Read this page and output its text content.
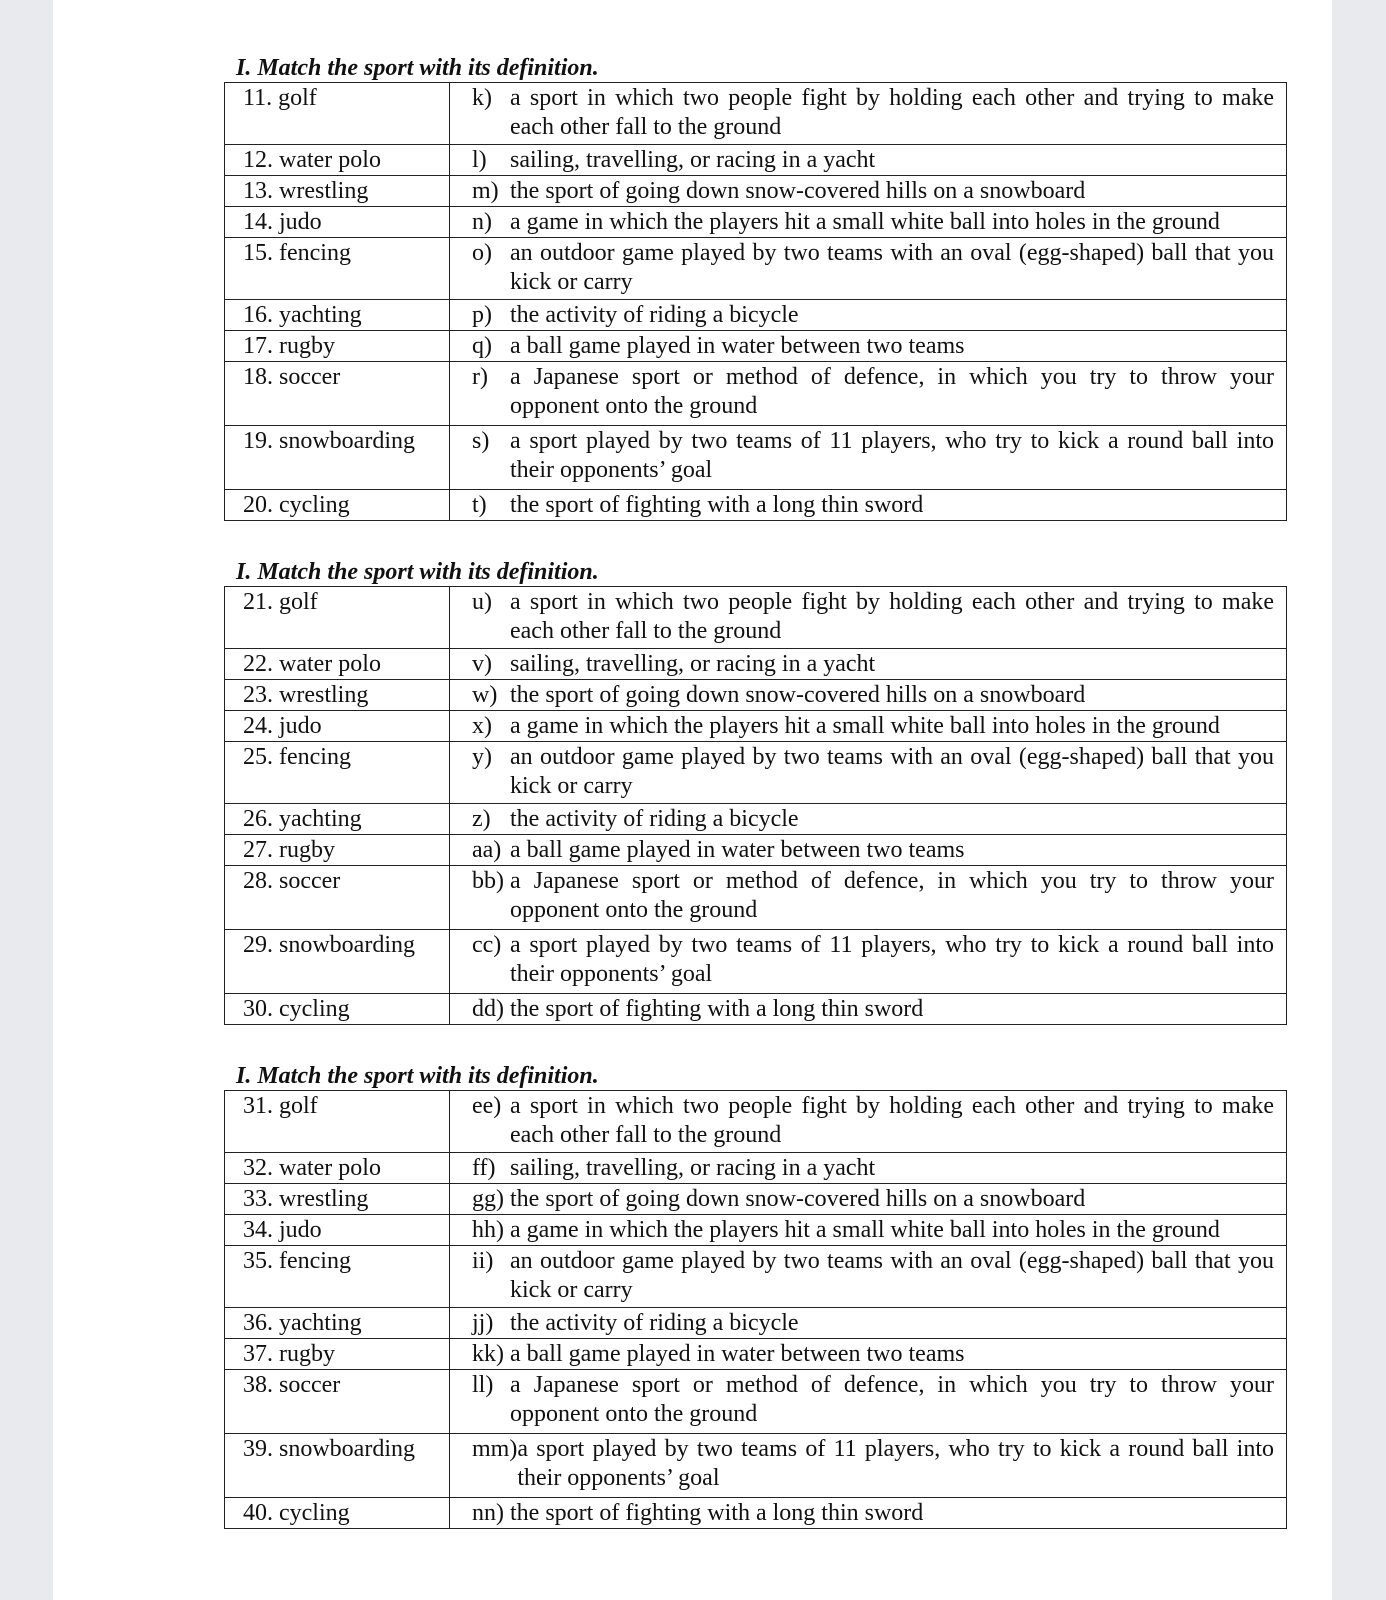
I. Match the sport with its definition.
11. golf	k) a sport in which two people fight by holding each other and trying to make each other fall to the ground

12. water polo	l) sailing, travelling, or racing in a yacht

13. wrestling	m) the sport of going down snow-covered hills on a snowboard

14. judo	n) a game in which the players hit a small white ball into holes in the ground

15. fencing	o) an outdoor game played by two teams with an oval (egg-shaped) ball that you kick or carry

16. yachting	p) the activity of riding a bicycle

17. rugby	q) a ball game played in water between two teams

18. soccer	r) a Japanese sport or method of defence, in which you try to throw your opponent onto the ground

19. snowboarding	s) a sport played by two teams of 11 players, who try to kick a round ball into their opponents’ goal

20. cycling	t) the sport of fighting with a long thin sword
I. Match the sport with its definition.
21. golf	u) a sport in which two people fight by holding each other and trying to make each other fall to the ground

22. water polo	v) sailing, travelling, or racing in a yacht

23. wrestling	w) the sport of going down snow-covered hills on a snowboard

24. judo	x) a game in which the players hit a small white ball into holes in the ground

25. fencing	y) an outdoor game played by two teams with an oval (egg-shaped) ball that you kick or carry

26. yachting	z) the activity of riding a bicycle

27. rugby	aa) a ball game played in water between two teams

28. soccer	bb) a Japanese sport or method of defence, in which you try to throw your opponent onto the ground

29. snowboarding	cc) a sport played by two teams of 11 players, who try to kick a round ball into their opponents’ goal

30. cycling	dd) the sport of fighting with a long thin sword
I. Match the sport with its definition.
31. golf	ee) a sport in which two people fight by holding each other and trying to make each other fall to the ground

32. water polo	ff) sailing, travelling, or racing in a yacht

33. wrestling	gg) the sport of going down snow-covered hills on a snowboard

34. judo	hh) a game in which the players hit a small white ball into holes in the ground

35. fencing	ii) an outdoor game played by two teams with an oval (egg-shaped) ball that you kick or carry

36. yachting	jj) the activity of riding a bicycle

37. rugby	kk) a ball game played in water between two teams

38. soccer	ll) a Japanese sport or method of defence, in which you try to throw your opponent onto the ground

39. snowboarding	mm) a sport played by two teams of 11 players, who try to kick a round ball into their opponents’ goal

40. cycling	nn) the sport of fighting with a long thin sword
